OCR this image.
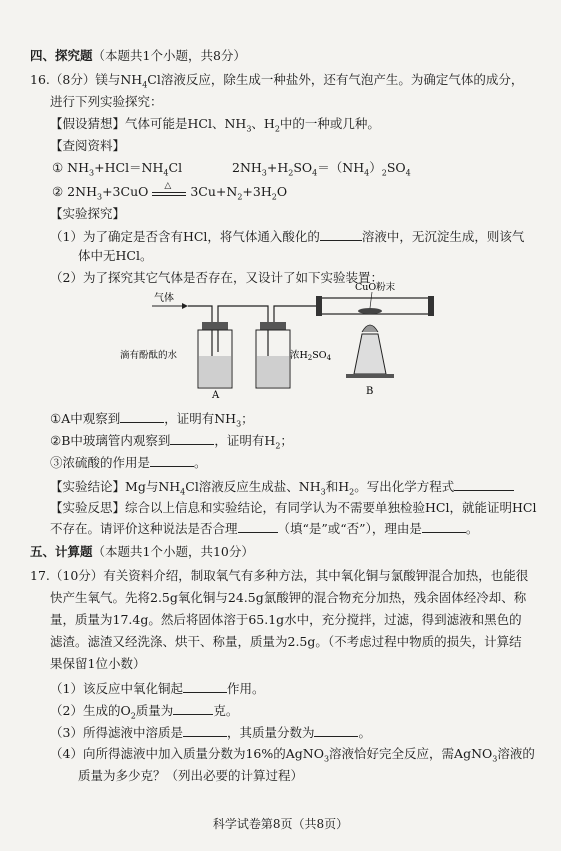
四、探究题（本题共1个小题，共8分）
16.（8分）镁与$NH_4Cl$溶液反应，除生成一种盐外，还有气泡产生。为确定气体的成分，
进行下列实验探究：
【假设猜想】气体可能是HCl、$NH_3$、$H_2$中的一种或几种。
【查阅资料】
① $NH_3+HCl=NH_4Cl$	$2NH_3+H_2SO_4=(NH_4)_2SO_4$
② $2NH_3+3CuO$ △ $3Cu+N_2+3H_2O$
【实验探究】
（1）为了确定是否含有HCl，将气体通入酸化的	溶液中，无沉淀生成，则该气
体中无HCl。
（2）为了探究其它气体是否存在，又设计了如下实验装置：
气体
A
滴有酚酞的水	浓$H_2SO_4$
CuO粉末
B
①A中观察到	，证明有$NH_3$；
②B中玻璃管内观察到	，证明有$H_2$；
③浓硫酸的作用是	。
【实验结论】Mg与$NH_4Cl$溶液反应生成盐、$NH_3$和$H_2$。写出化学方程式
【实验反思】综合以上信息和实验结论，有同学认为不需要单独检验HCl，就能证明HCl
不存在。请评价这种说法是否合理	（填“是”或“否”），理由是	。
五、计算题（本题共1个小题，共10分）
17.（10分）有关资料介绍，制取氧气有多种方法，其中氧化铜与氯酸钾混合加热，也能很
快产生氧气。先将2.5g氧化铜与24.5g氯酸钾的混合物充分加热，残余固体经冷却、称
量，质量为17.4g。然后将固体溶于65.1g水中，充分搅拌，过滤，得到滤液和黑色的
滤渣。滤渣又经洗涤、烘干、称量，质量为2.5g。（不考虑过程中物质的损失，计算结
果保留1位小数）
（1）该反应中氧化铜起	作用。
（2）生成的$O_2$质量为	克。
（3）所得滤液中溶质是	，其质量分数为	。
（4）向所得滤液中加入质量分数为16%的AgNO$_3$溶液恰好完全反应，需AgNO$_3$溶液的
质量为多少克？（列出必要的计算过程）
科学试卷第8页（共8页）
